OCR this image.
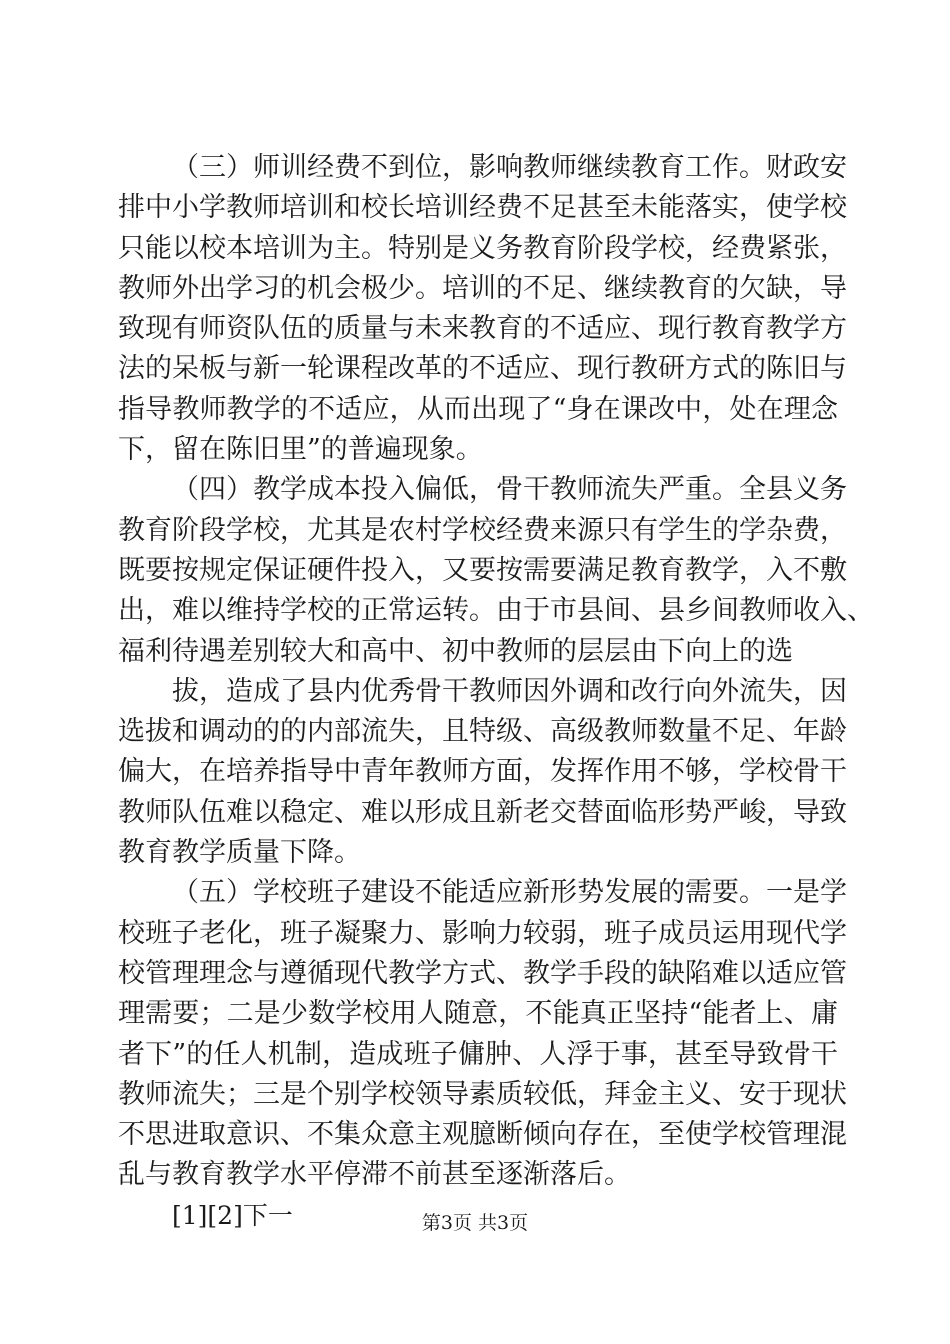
（三）师训经费不到位，影响教师继续教育工作。财政安
排中小学教师培训和校长培训经费不足甚至未能落实，使学校
只能以校本培训为主。特别是义务教育阶段学校，经费紧张，
教师外出学习的机会极少。培训的不足、继续教育的欠缺，导
致现有师资队伍的质量与未来教育的不适应、现行教育教学方
法的呆板与新一轮课程改革的不适应、现行教研方式的陈旧与
指导教师教学的不适应，从而出现了“身在课改中，处在理念
下，留在陈旧里”的普遍现象。
（四）教学成本投入偏低，骨干教师流失严重。全县义务
教育阶段学校，尤其是农村学校经费来源只有学生的学杂费，
既要按规定保证硬件投入，又要按需要满足教育教学，入不敷
出，难以维持学校的正常运转。由于市县间、县乡间教师收入、
福利待遇差别较大和高中、初中教师的层层由下向上的选
拔，造成了县内优秀骨干教师因外调和改行向外流失，因
选拔和调动的的内部流失，且特级、高级教师数量不足、年龄
偏大，在培养指导中青年教师方面，发挥作用不够，学校骨干
教师队伍难以稳定、难以形成且新老交替面临形势严峻，导致
教育教学质量下降。
（五）学校班子建设不能适应新形势发展的需要。一是学
校班子老化，班子凝聚力、影响力较弱，班子成员运用现代学
校管理理念与遵循现代教学方式、教学手段的缺陷难以适应管
理需要；二是少数学校用人随意，不能真正坚持“能者上、庸
者下”的任人机制，造成班子傭肿、人浮于事，甚至导致骨干
教师流失；三是个别学校领导素质较低，拜金主义、安于现状
不思进取意识、不集众意主观臆断倾向存在，至使学校管理混
乱与教育教学水平停滞不前甚至逐渐落后。
[1][2]下一	第3页 共3页
